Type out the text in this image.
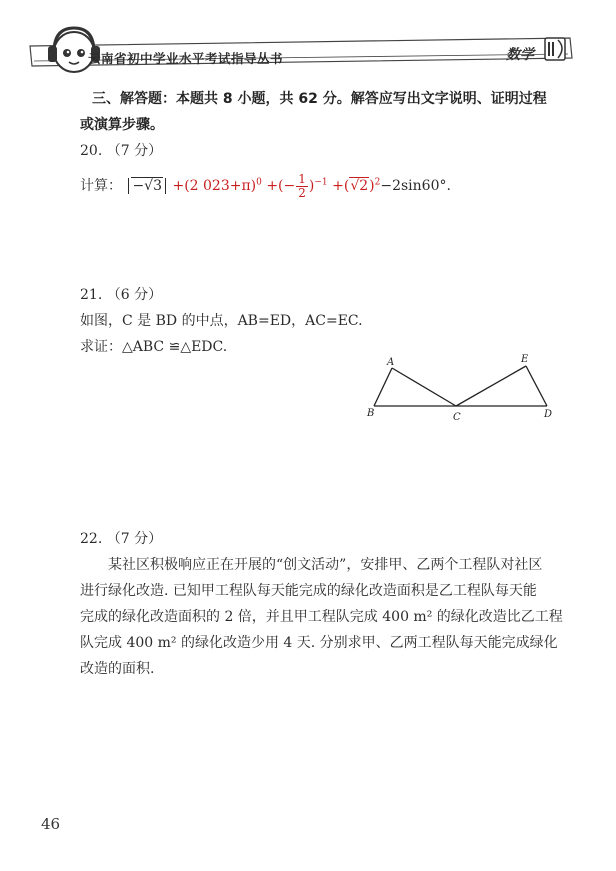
云南省初中学业水平考试指导丛书	数学
三、解答题：本题共 8 小题，共 62 分。解答应写出文字说明、证明过程
或演算步骤。
20. （7 分）
计算： −√3 +(2 023+π)$^0$ +(− $\frac{1}{2} )^{-1} +(√2)^2-2\sin 60^\circ$.
21. （6 分）
如图，C 是 BD 的中点，AB=ED，AC=EC.
求证：△ABC ≌△EDC.
A
B	C	D
E
22. （7 分）
某社区积极响应正在开展的“创文活动”，安排甲、乙两个工程队对社区
进行绿化改造. 已知甲工程队每天能完成的绿化改造面积是乙工程队每天能
完成的绿化改造面积的 2 倍，并且甲工程队完成 400 m² 的绿化改造比乙工程
队完成 400 m² 的绿化改造少用 4 天. 分别求甲、乙两工程队每天能完成绿化
改造的面积.
46
